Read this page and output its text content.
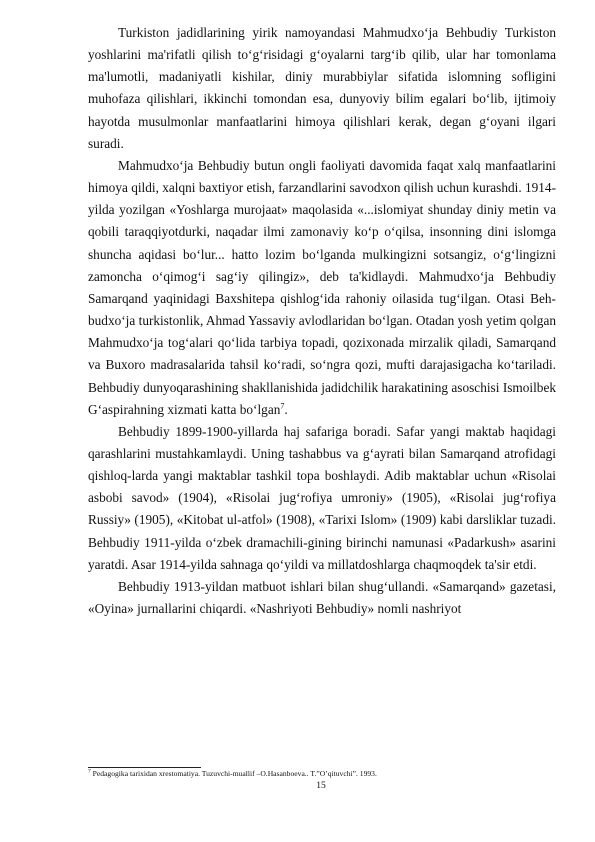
Turkiston jadidlarining yirik namoyandasi Mahmudxo‘ja Behbudiy Turkiston yoshlarini ma'rifatli qilish to‘g‘risidagi g‘oyalarni targ‘ib qilib, ular har tomonlama ma'lumotli, madaniyatli kishilar, diniy murabbiylar sifatida islomning sofligini muhofaza qilishlari, ikkinchi tomondan esa, dunyoviy bilim egalari bo‘lib, ijtimoiy hayotda musulmonlar manfaatlarini himoya qilishlari kerak, degan g‘oyani ilgari suradi.

Mahmudxo‘ja Behbudiy butun ongli faoliyati davomida faqat xalq manfaatlarini himoya qildi, xalqni baxtiyor etish, farzandlarini savodxon qilish uchun kurashdi. 1914-yilda yozilgan «Yoshlarga murojaat» maqolasida «...islomiyat shunday diniy metin va qobili taraqqiyotdurki, naqadar ilmi zamonaviy ko‘p o‘qilsa, insonning dini islomga shuncha aqidasi bo‘lur... hatto lozim bo‘lganda mulkingizni sotsangiz, o‘g‘lingizni zamoncha o‘qimog‘i sag‘iy qilingiz», deb ta'kidlaydi. Mahmudxo‘ja Behbudiy Samarqand yaqinidagi Baxshitepa qishlog‘ida rahoniy oilasida tug‘ilgan. Otasi Beh-budxo‘ja turkistonlik, Ahmad Yassaviy avlodlaridan bo‘lgan. Otadan yosh yetim qolgan Mahmudxo‘ja tog‘alari qo‘lida tarbiya topadi, qozixonada mirzalik qiladi, Samarqand va Buxoro madrasalarida tahsil ko‘radi, so‘ngra qozi, mufti darajasigacha ko‘tariladi. Behbudiy dunyoqarashining shakllanishida jadidchilik harakatining asoschisi Ismoilbek G‘aspirahning xizmati katta bo‘lgan$^7$.

Behbudiy 1899-1900-yillarda haj safariga boradi. Safar yangi maktab haqidagi qarashlarini mustahkamlaydi. Uning tashabbus va g‘ayrati bilan Samarqand atrofidagi qishloq-larda yangi maktablar tashkil topa boshlaydi. Adib maktablar uchun «Risolai asbobi savod» (1904), «Risolai jug‘rofiya umroniy» (1905), «Risolai jug‘rofiya Russiy» (1905), «Kitobat ul-atfol» (1908), «Tarixi Islom» (1909) kabi darsliklar tuzadi. Behbudiy 1911-yilda o‘zbek dramachili-gining birinchi namunasi «Padarkush» asarini yaratdi. Asar 1914-yilda sahnaga qo‘yildi va millatdoshlarga chaqmoqdek ta'sir etdi.

Behbudiy 1913-yildan matbuot ishlari bilan shug‘ullandi. «Samarqand» gazetasi, «Oyina» jurnallarini chiqardi. «Nashriyoti Behbudiy» nomli nashriyot

$^7$ Pedagogika tarixidan xrestomatiya. Tuzuvchi-muallif –O.Hasanboeva.. T.”O’qituvchi”. 1993.
15
